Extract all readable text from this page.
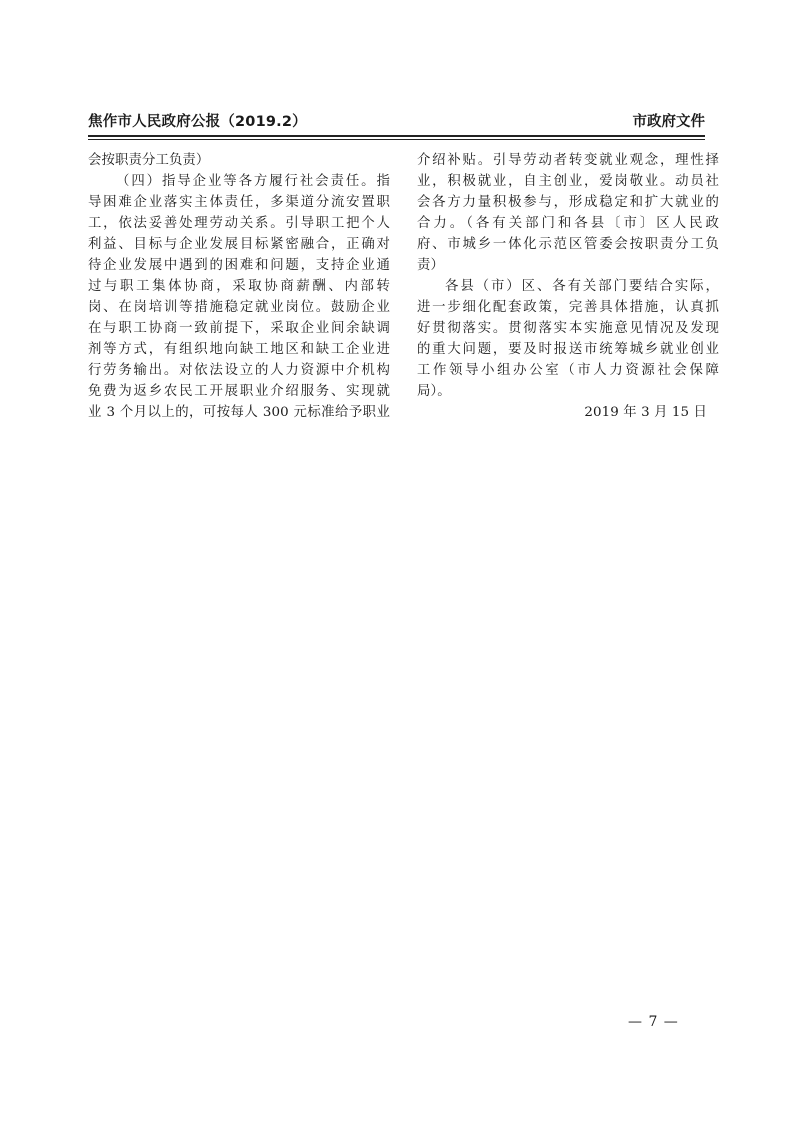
焦作市人民政府公报（2019.2）	市政府文件
会按职责分工负责）
（四）指导企业等各方履行社会责任。指
导困难企业落实主体责任，多渠道分流安置职
工，依法妥善处理劳动关系。引导职工把个人
利益、目标与企业发展目标紧密融合，正确对
待企业发展中遇到的困难和问题，支持企业通
过与职工集体协商，采取协商薪酬、内部转
岗、在岗培训等措施稳定就业岗位。鼓励企业
在与职工协商一致前提下，采取企业间余缺调
剂等方式，有组织地向缺工地区和缺工企业进
行劳务输出。对依法设立的人力资源中介机构
免费为返乡农民工开展职业介绍服务、实现就
业 3 个月以上的，可按每人 300 元标准给予职业
介绍补贴。引导劳动者转变就业观念，理性择
业，积极就业，自主创业，爱岗敬业。动员社
会各方力量积极参与，形成稳定和扩大就业的
合力。（各有关部门和各县〔市〕区人民政
府、市城乡一体化示范区管委会按职责分工负
责）
各县（市）区、各有关部门要结合实际，
进一步细化配套政策，完善具体措施，认真抓
好贯彻落实。贯彻落实本实施意见情况及发现
的重大问题，要及时报送市统筹城乡就业创业
工作领导小组办公室（市人力资源社会保障
局）。
2019 年 3 月 15 日
— 7 —
